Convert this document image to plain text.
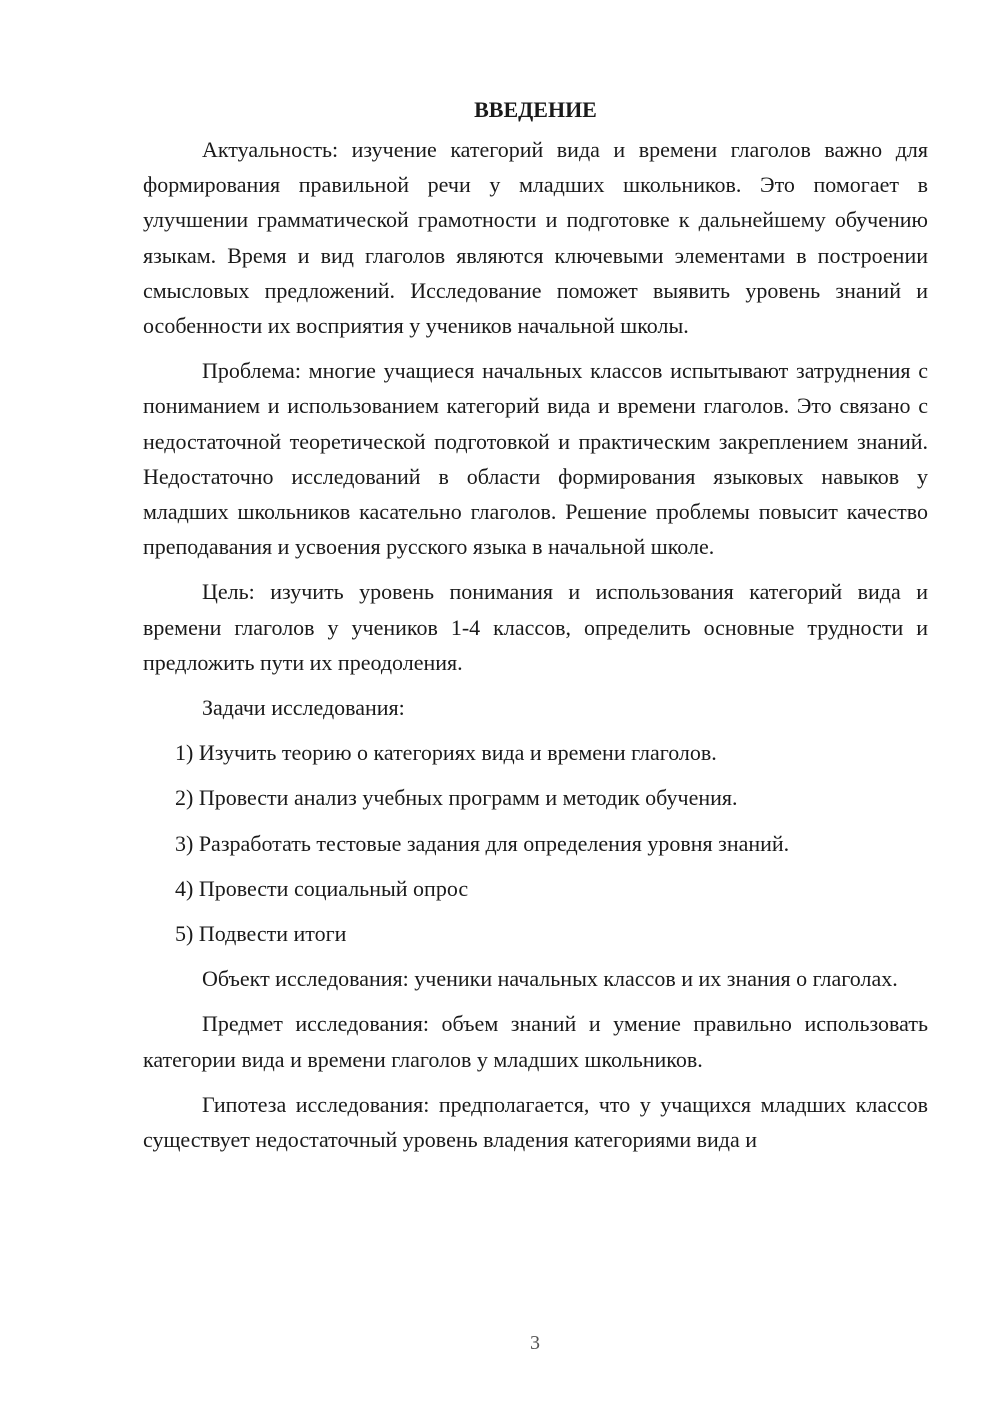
ВВЕДЕНИЕ

Актуальность: изучение категорий вида и времени глаголов важно для формирования правильной речи у младших школьников. Это помогает в улучшении грамматической грамотности и подготовке к дальнейшему обучению языкам. Время и вид глаголов являются ключевыми элементами в построении смысловых предложений. Исследование поможет выявить уровень знаний и особенности их восприятия у учеников начальной школы.

Проблема: многие учащиеся начальных классов испытывают затруднения с пониманием и использованием категорий вида и времени глаголов. Это связано с недостаточной теоретической подготовкой и практическим закреплением знаний. Недостаточно исследований в области формирования языковых навыков у младших школьников касательно глаголов. Решение проблемы повысит качество преподавания и усвоения русского языка в начальной школе.

Цель: изучить уровень понимания и использования категорий вида и времени глаголов у учеников 1-4 классов, определить основные трудности и предложить пути их преодоления.

Задачи исследования:

1) Изучить теорию о категориях вида и времени глаголов.
2) Провести анализ учебных программ и методик обучения.
3) Разработать тестовые задания для определения уровня знаний.
4) Провести социальный опрос
5) Подвести итоги

Объект исследования: ученики начальных классов и их знания о глаголах.

Предмет исследования: объем знаний и умение правильно использовать категории вида и времени глаголов у младших школьников.

Гипотеза исследования: предполагается, что у учащихся младших классов существует недостаточный уровень владения категориями вида и

3
